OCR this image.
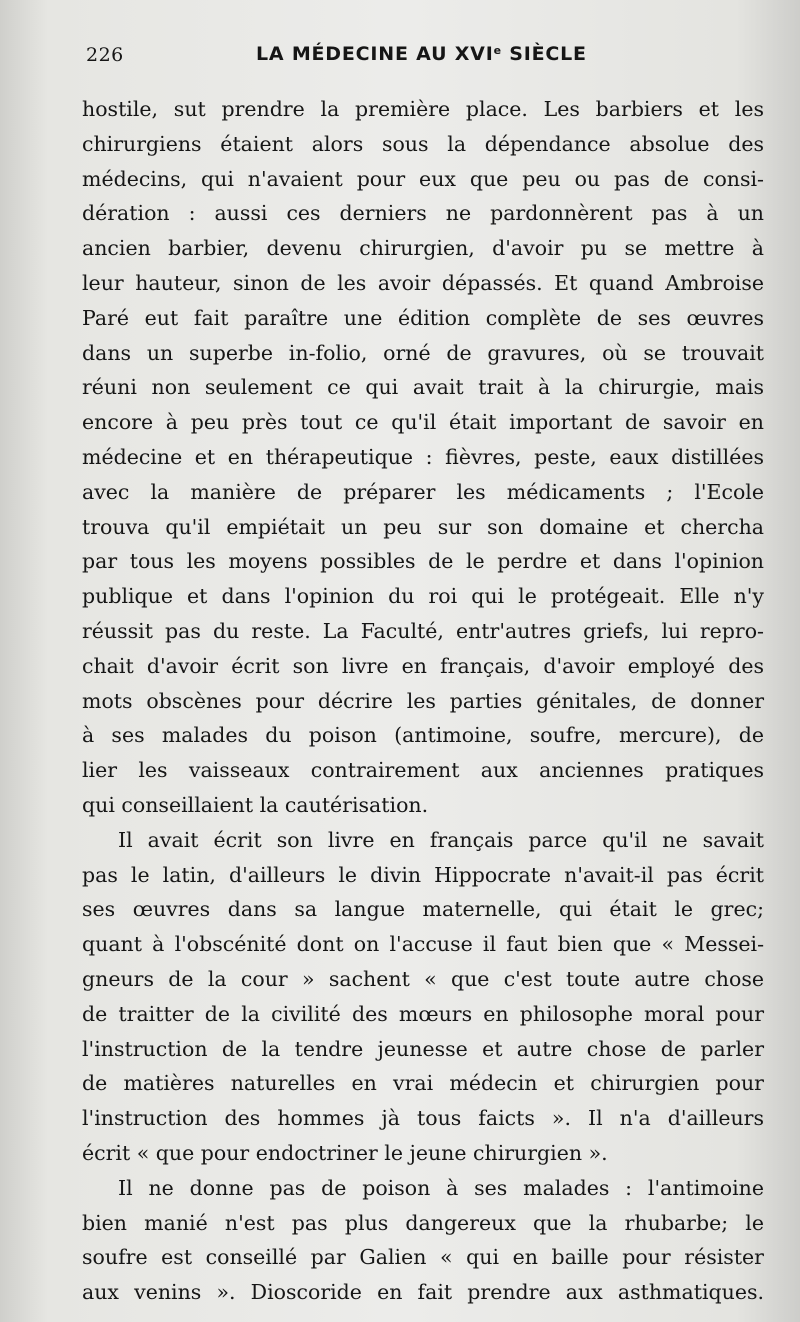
226	LA MÉDECINE AU XVIe SIÈCLE
hostile, sut prendre la première place. Les barbiers et les
chirurgiens étaient alors sous la dépendance absolue des
médecins, qui n'avaient pour eux que peu ou pas de consi-
dération : aussi ces derniers ne pardonnèrent pas à un
ancien barbier, devenu chirurgien, d'avoir pu se mettre à
leur hauteur, sinon de les avoir dépassés. Et quand Ambroise
Paré eut fait paraître une édition complète de ses œuvres
dans un superbe in-folio, orné de gravures, où se trouvait
réuni non seulement ce qui avait trait à la chirurgie, mais
encore à peu près tout ce qu'il était important de savoir en
médecine et en thérapeutique : fièvres, peste, eaux distillées
avec la manière de préparer les médicaments ; l'Ecole
trouva qu'il empiétait un peu sur son domaine et chercha
par tous les moyens possibles de le perdre et dans l'opinion
publique et dans l'opinion du roi qui le protégeait. Elle n'y
réussit pas du reste. La Faculté, entr'autres griefs, lui repro-
chait d'avoir écrit son livre en français, d'avoir employé des
mots obscènes pour décrire les parties génitales, de donner
à ses malades du poison (antimoine, soufre, mercure), de
lier les vaisseaux contrairement aux anciennes pratiques
qui conseillaient la cautérisation.
Il avait écrit son livre en français parce qu'il ne savait
pas le latin, d'ailleurs le divin Hippocrate n'avait-il pas écrit
ses œuvres dans sa langue maternelle, qui était le grec;
quant à l'obscénité dont on l'accuse il faut bien que « Messei-
gneurs de la cour » sachent « que c'est toute autre chose
de traitter de la civilité des mœurs en philosophe moral pour
l'instruction de la tendre jeunesse et autre chose de parler
de matières naturelles en vrai médecin et chirurgien pour
l'instruction des hommes jà tous faicts ». Il n'a d'ailleurs
écrit « que pour endoctriner le jeune chirurgien ».
Il ne donne pas de poison à ses malades : l'antimoine
bien manié n'est pas plus dangereux que la rhubarbe; le
soufre est conseillé par Galien « qui en baille pour résister
aux venins ». Dioscoride en fait prendre aux asthmatiques.
